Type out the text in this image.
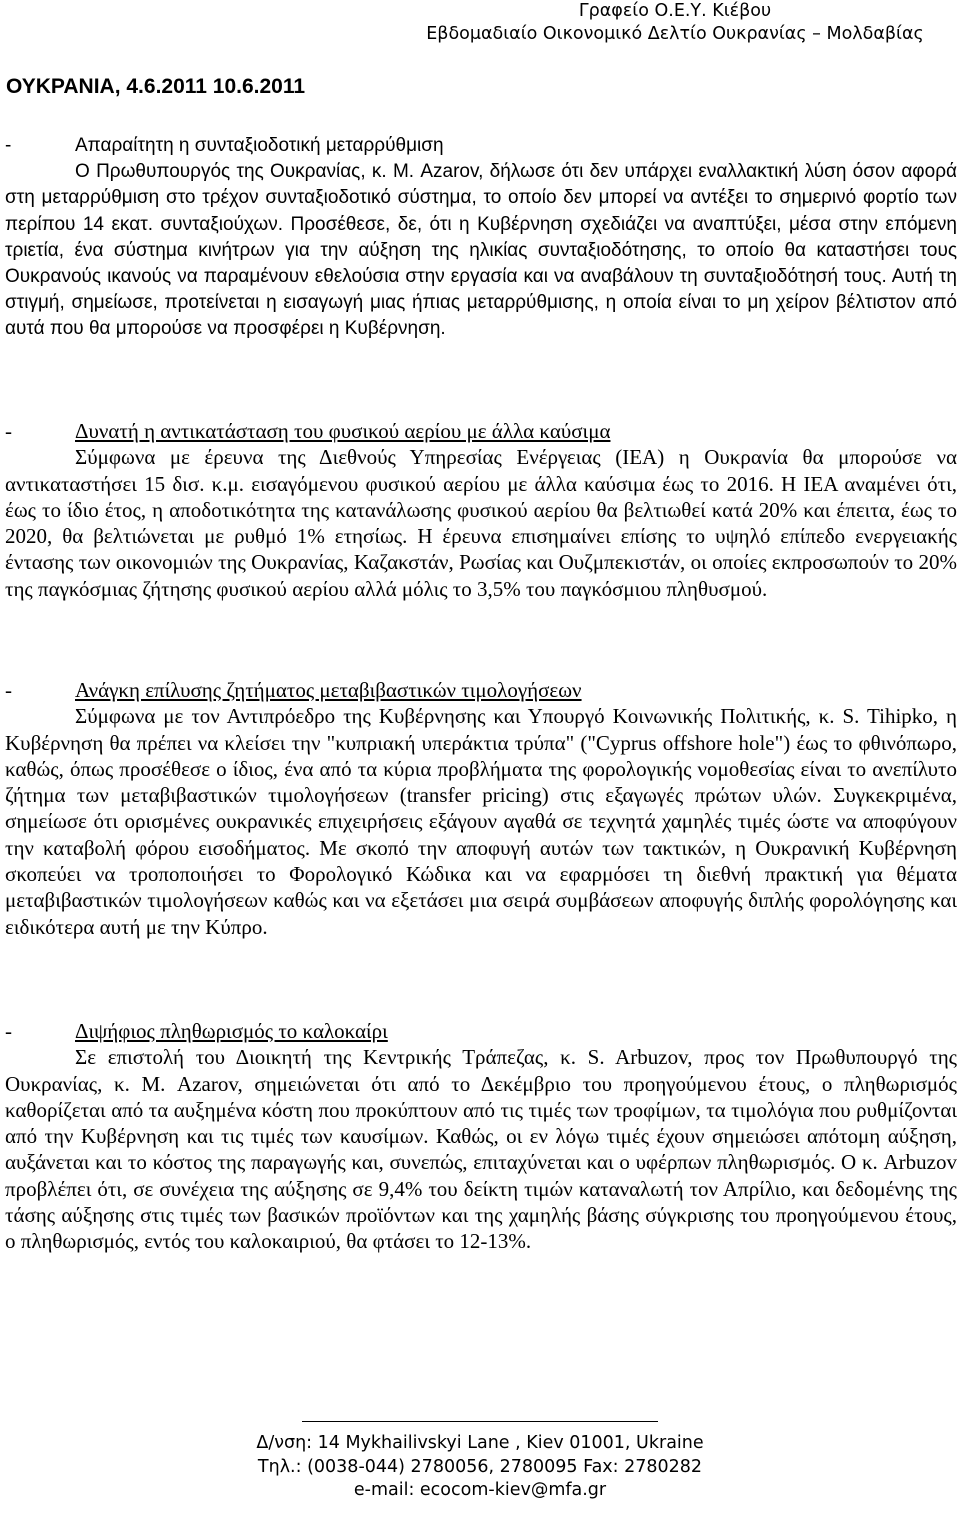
Γραφείο Ο.Ε.Υ. Κιέβου
Εβδομαδιαίο Οικονομικό Δελτίο Ουκρανίας – Μολδαβίας
ΟΥΚΡΑΝΙΑ, 4.6.2011 10.6.2011

-	Απαραίτητη η συνταξιοδοτική μεταρρύθμιση

Ο Πρωθυπουργός της Ουκρανίας, κ. Μ. Azarov, δήλωσε ότι δεν υπάρχει εναλλακτική λύση όσον αφορά στη μεταρρύθμιση στο τρέχον συνταξιοδοτικό σύστημα, το οποίο δεν μπορεί να αντέξει το σημερινό φορτίο των περίπου 14 εκατ. συνταξιούχων. Προσέθεσε, δε, ότι η Κυβέρνηση σχεδιάζει να αναπτύξει, μέσα στην επόμενη τριετία, ένα σύστημα κινήτρων για την αύξηση της ηλικίας συνταξιοδότησης, το οποίο θα καταστήσει τους Ουκρανούς ικανούς να παραμένουν εθελούσια στην εργασία και να αναβάλουν τη συνταξιοδότησή τους. Αυτή τη στιγμή, σημείωσε, προτείνεται η εισαγωγή μιας ήπιας μεταρρύθμισης, η οποία είναι το μη χείρον βέλτιστον από αυτά που θα μπορούσε να προσφέρει η Κυβέρνηση.

-	Δυνατή η αντικατάσταση του φυσικού αερίου με άλλα καύσιμα

Σύμφωνα με έρευνα της Διεθνούς Υπηρεσίας Ενέργειας (ΙΕΑ) η Ουκρανία θα μπορούσε να αντικαταστήσει 15 δισ. κ.μ. εισαγόμενου φυσικού αερίου με άλλα καύσιμα έως το 2016. Η ΙΕΑ αναμένει ότι, έως το ίδιο έτος, η αποδοτικότητα της κατανάλωσης φυσικού αερίου θα βελτιωθεί κατά 20% και έπειτα, έως το 2020, θα βελτιώνεται με ρυθμό 1% ετησίως. Η έρευνα επισημαίνει επίσης το υψηλό επίπεδο ενεργειακής έντασης των οικονομιών της Ουκρανίας, Καζακστάν, Ρωσίας και Ουζμπεκιστάν, οι οποίες εκπροσωπούν το 20% της παγκόσμιας ζήτησης φυσικού αερίου αλλά μόλις το 3,5% του παγκόσμιου πληθυσμού.

-	Ανάγκη επίλυσης ζητήματος μεταβιβαστικών τιμολογήσεων

Σύμφωνα με τον Αντιπρόεδρο της Κυβέρνησης και Υπουργό Κοινωνικής Πολιτικής, κ. S. Tihipko, η Κυβέρνηση θα πρέπει να κλείσει την "κυπριακή υπεράκτια τρύπα" ("Cyprus offshore hole") έως το φθινόπωρο, καθώς, όπως προσέθεσε ο ίδιος, ένα από τα κύρια προβλήματα της φορολογικής νομοθεσίας είναι το ανεπίλυτο ζήτημα των μεταβιβαστικών τιμολογήσεων (transfer pricing) στις εξαγωγές πρώτων υλών. Συγκεκριμένα, σημείωσε ότι ορισμένες ουκρανικές επιχειρήσεις εξάγουν αγαθά σε τεχνητά χαμηλές τιμές ώστε να αποφύγουν την καταβολή φόρου εισοδήματος. Με σκοπό την αποφυγή αυτών των τακτικών, η Ουκρανική Κυβέρνηση σκοπεύει να τροποποιήσει το Φορολογικό Κώδικα και να εφαρμόσει τη διεθνή πρακτική για θέματα μεταβιβαστικών τιμολογήσεων καθώς και να εξετάσει μια σειρά συμβάσεων αποφυγής διπλής φορολόγησης και ειδικότερα αυτή με την Κύπρο.

-	Διψήφιος πληθωρισμός το καλοκαίρι

Σε επιστολή του Διοικητή της Κεντρικής Τράπεζας, κ. S. Arbuzov, προς τον Πρωθυπουργό της Ουκρανίας, κ. Μ. Azarov, σημειώνεται ότι από το Δεκέμβριο του προηγούμενου έτους, ο πληθωρισμός καθορίζεται από τα αυξημένα κόστη που προκύπτουν από τις τιμές των τροφίμων, τα τιμολόγια που ρυθμίζονται από την Κυβέρνηση και τις τιμές των καυσίμων. Καθώς, οι εν λόγω τιμές έχουν σημειώσει απότομη αύξηση, αυξάνεται και το κόστος της παραγωγής και, συνεπώς, επιταχύνεται και ο υφέρπων πληθωρισμός. Ο κ. Arbuzov προβλέπει ότι, σε συνέχεια της αύξησης σε 9,4% του δείκτη τιμών καταναλωτή τον Απρίλιο, και δεδομένης της τάσης αύξησης στις τιμές των βασικών προϊόντων και της χαμηλής βάσης σύγκρισης του προηγούμενου έτους, ο πληθωρισμός, εντός του καλοκαιριού, θα φτάσει το 12-13%.

Δ/νση: 14 Mykhailivskyi Lane , Kiev 01001, Ukraine
Τηλ.: (0038-044) 2780056, 2780095 Fax: 2780282
e-mail: ecocom-kiev@mfa.gr
